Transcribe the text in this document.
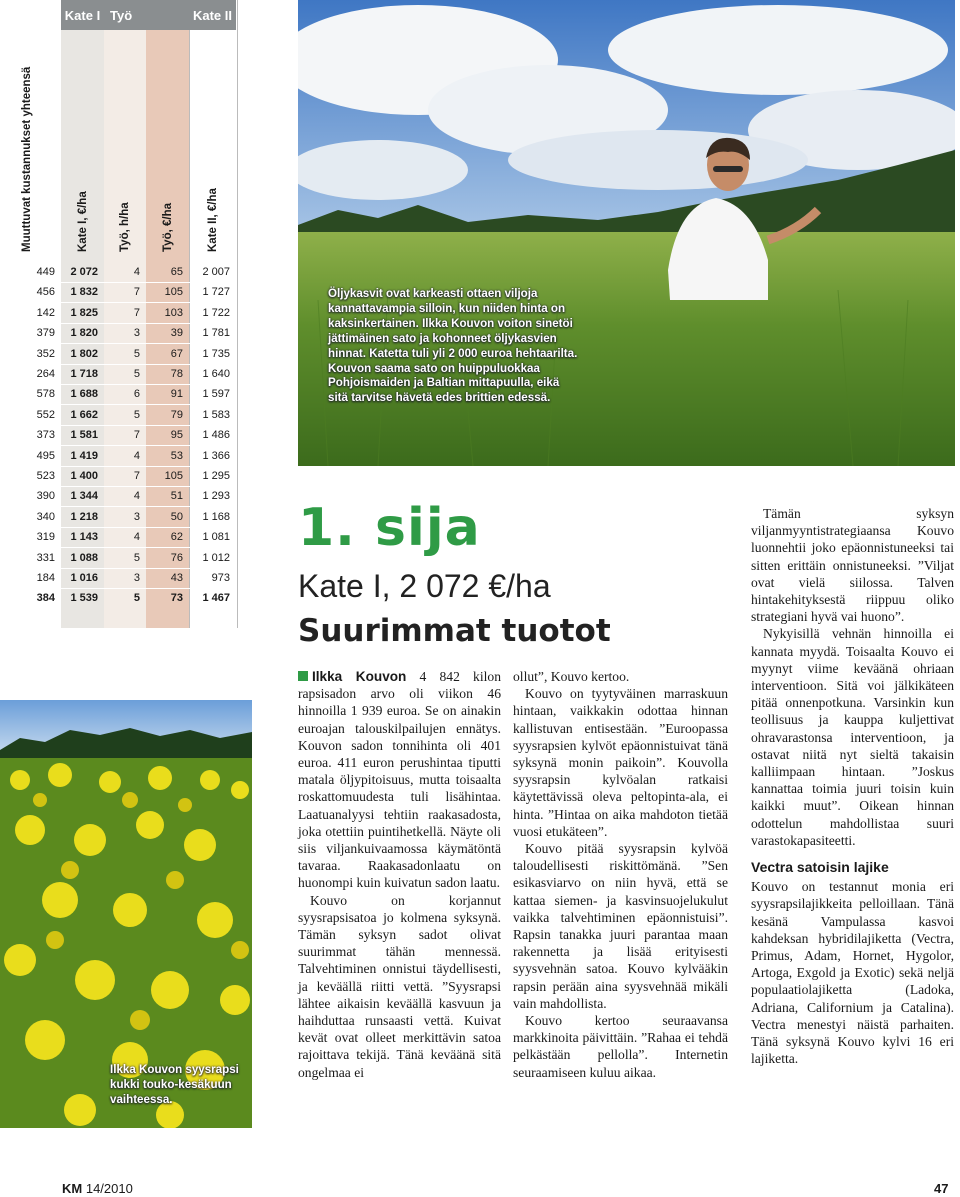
Kate I Työ	Kate II
Muuttuvat kustannukset yhteensä	Kate I, €/ha	Työ, h/ha	Työ, €/ha	Kate II, €/ha
449	2 072	4	65	2 007
456	1 832	7	105	1 727
142	1 825	7	103	1 722
379	1 820	3	39	1 781
352	1 802	5	67	1 735
264	1 718	5	78	1 640
578	1 688	6	91	1 597
552	1 662	5	79	1 583
373	1 581	7	95	1 486
495	1 419	4	53	1 366
523	1 400	7	105	1 295
390	1 344	4	51	1 293
340	1 218	3	50	1 168
319	1 143	4	62	1 081
331	1 088	5	76	1 012
184	1 016	3	43	973
384	1 539	5	73	1 467
Öljykasvit ovat karkeasti ottaen viljoja kannattavampia silloin, kun niiden hinta on kaksinkertainen. Ilkka Kouvon voiton sinetöi jättimäinen sato ja kohonneet öljykasvien hinnat. Katetta tuli yli 2 000 euroa hehtaarilta. Kouvon saama sato on huippuluokkaa Pohjoismaiden ja Baltian mittapuulla, eikä sitä tarvitse hävetä edes brittien edessä.
Ilkka Kouvon syysrapsi kukki touko-kesäkuun vaihteessa.
1. sija
Kate I, 2 072 €/ha
Suurimmat tuotot

Ilkka Kouvon 4 842 kilon rapsisadon arvo oli viikon 46 hinnoilla 1 939 euroa. Se on ainakin euroajan talouskilpailujen ennätys. Kouvon sadon tonnihinta oli 401 euroa. 411 euron perushintaa tiputti matala öljypitoisuus, mutta toisaalta roskattomuudesta tuli lisähintaa. Laatuanalyysi tehtiin raakasadosta, joka otettiin puintihetkellä. Näyte oli siis viljankuivaamossa käymätöntä tavaraa. Raakasadonlaatu on huonompi kuin kuivatun sadon laatu.

Kouvo on korjannut syysrapsisatoa jo kolmena syksynä. Tämän syksyn sadot olivat suurimmat tähän mennessä. Talvehtiminen onnistui täydellisesti, ja keväällä riitti vettä. ”Syysrapsi lähtee aikaisin keväällä kasvuun ja haihduttaa runsaasti vettä. Kuivat kevät ovat olleet merkittävin satoa rajoittava tekijä. Tänä keväänä sitä ongelmaa ei

ollut”, Kouvo kertoo.

Kouvo on tyytyväinen marraskuun hintaan, vaikkakin odottaa hinnan kallistuvan entisestään. ”Euroopassa syysrapsien kylvöt epäonnistuivat tänä syksynä monin paikoin”. Kouvolla syysrapsin kylvöalan ratkaisi käytettävissä oleva peltopinta-ala, ei hinta. ”Hintaa on aika mahdoton tietää vuosi etukäteen”.

Kouvo pitää syysrapsin kylvöä taloudellisesti riskittömänä. ”Sen esikasviarvo on niin hyvä, että se kattaa siemen- ja kasvinsuojelukulut vaikka talvehtiminen epäonnistuisi”. Rapsin tanakka juuri parantaa maan rakennetta ja lisää erityisesti syysvehnän satoa. Kouvo kylvääkin rapsin perään aina syysvehnää mikäli vain mahdollista.

Kouvo kertoo seuraavansa markkinoita päivittäin. ”Rahaa ei tehdä pelkästään pellolla”. Internetin seuraamiseen kuluu aikaa.

Tämän syksyn viljanmyyntistrategiaansa Kouvo luonnehtii joko epäonnistuneeksi tai sitten erittäin onnistuneeksi. ”Viljat ovat vielä siilossa. Talven hintakehityksestä riippuu oliko strategiani hyvä vai huono”.

Nykyisillä vehnän hinnoilla ei kannata myydä. Toisaalta Kouvo ei myynyt viime keväänä ohriaan interventioon. Sitä voi jälkikäteen pitää onnenpotkuna. Varsinkin kun teollisuus ja kauppa kuljettivat ohravarastonsa interventioon, ja ostavat niitä nyt sieltä takaisin kalliimpaan hintaan. ”Joskus kannattaa toimia juuri toisin kuin kaikki muut”. Oikean hinnan odottelun mahdollistaa suuri varastokapasiteetti.

Vectra satoisin lajike

Kouvo on testannut monia eri syysrapsilajikkeita pelloillaan. Tänä kesänä Vampulassa kasvoi kahdeksan hybridilajiketta (Vectra, Primus, Adam, Hornet, Hygolor, Artoga, Exgold ja Exotic) sekä neljä populaatiolajiketta (Ladoka, Adriana, Californium ja Catalina). Vectra menestyi näistä parhaiten. Tänä syksynä Kouvo kylvi 16 eri lajiketta.

KM 14/2010	47
